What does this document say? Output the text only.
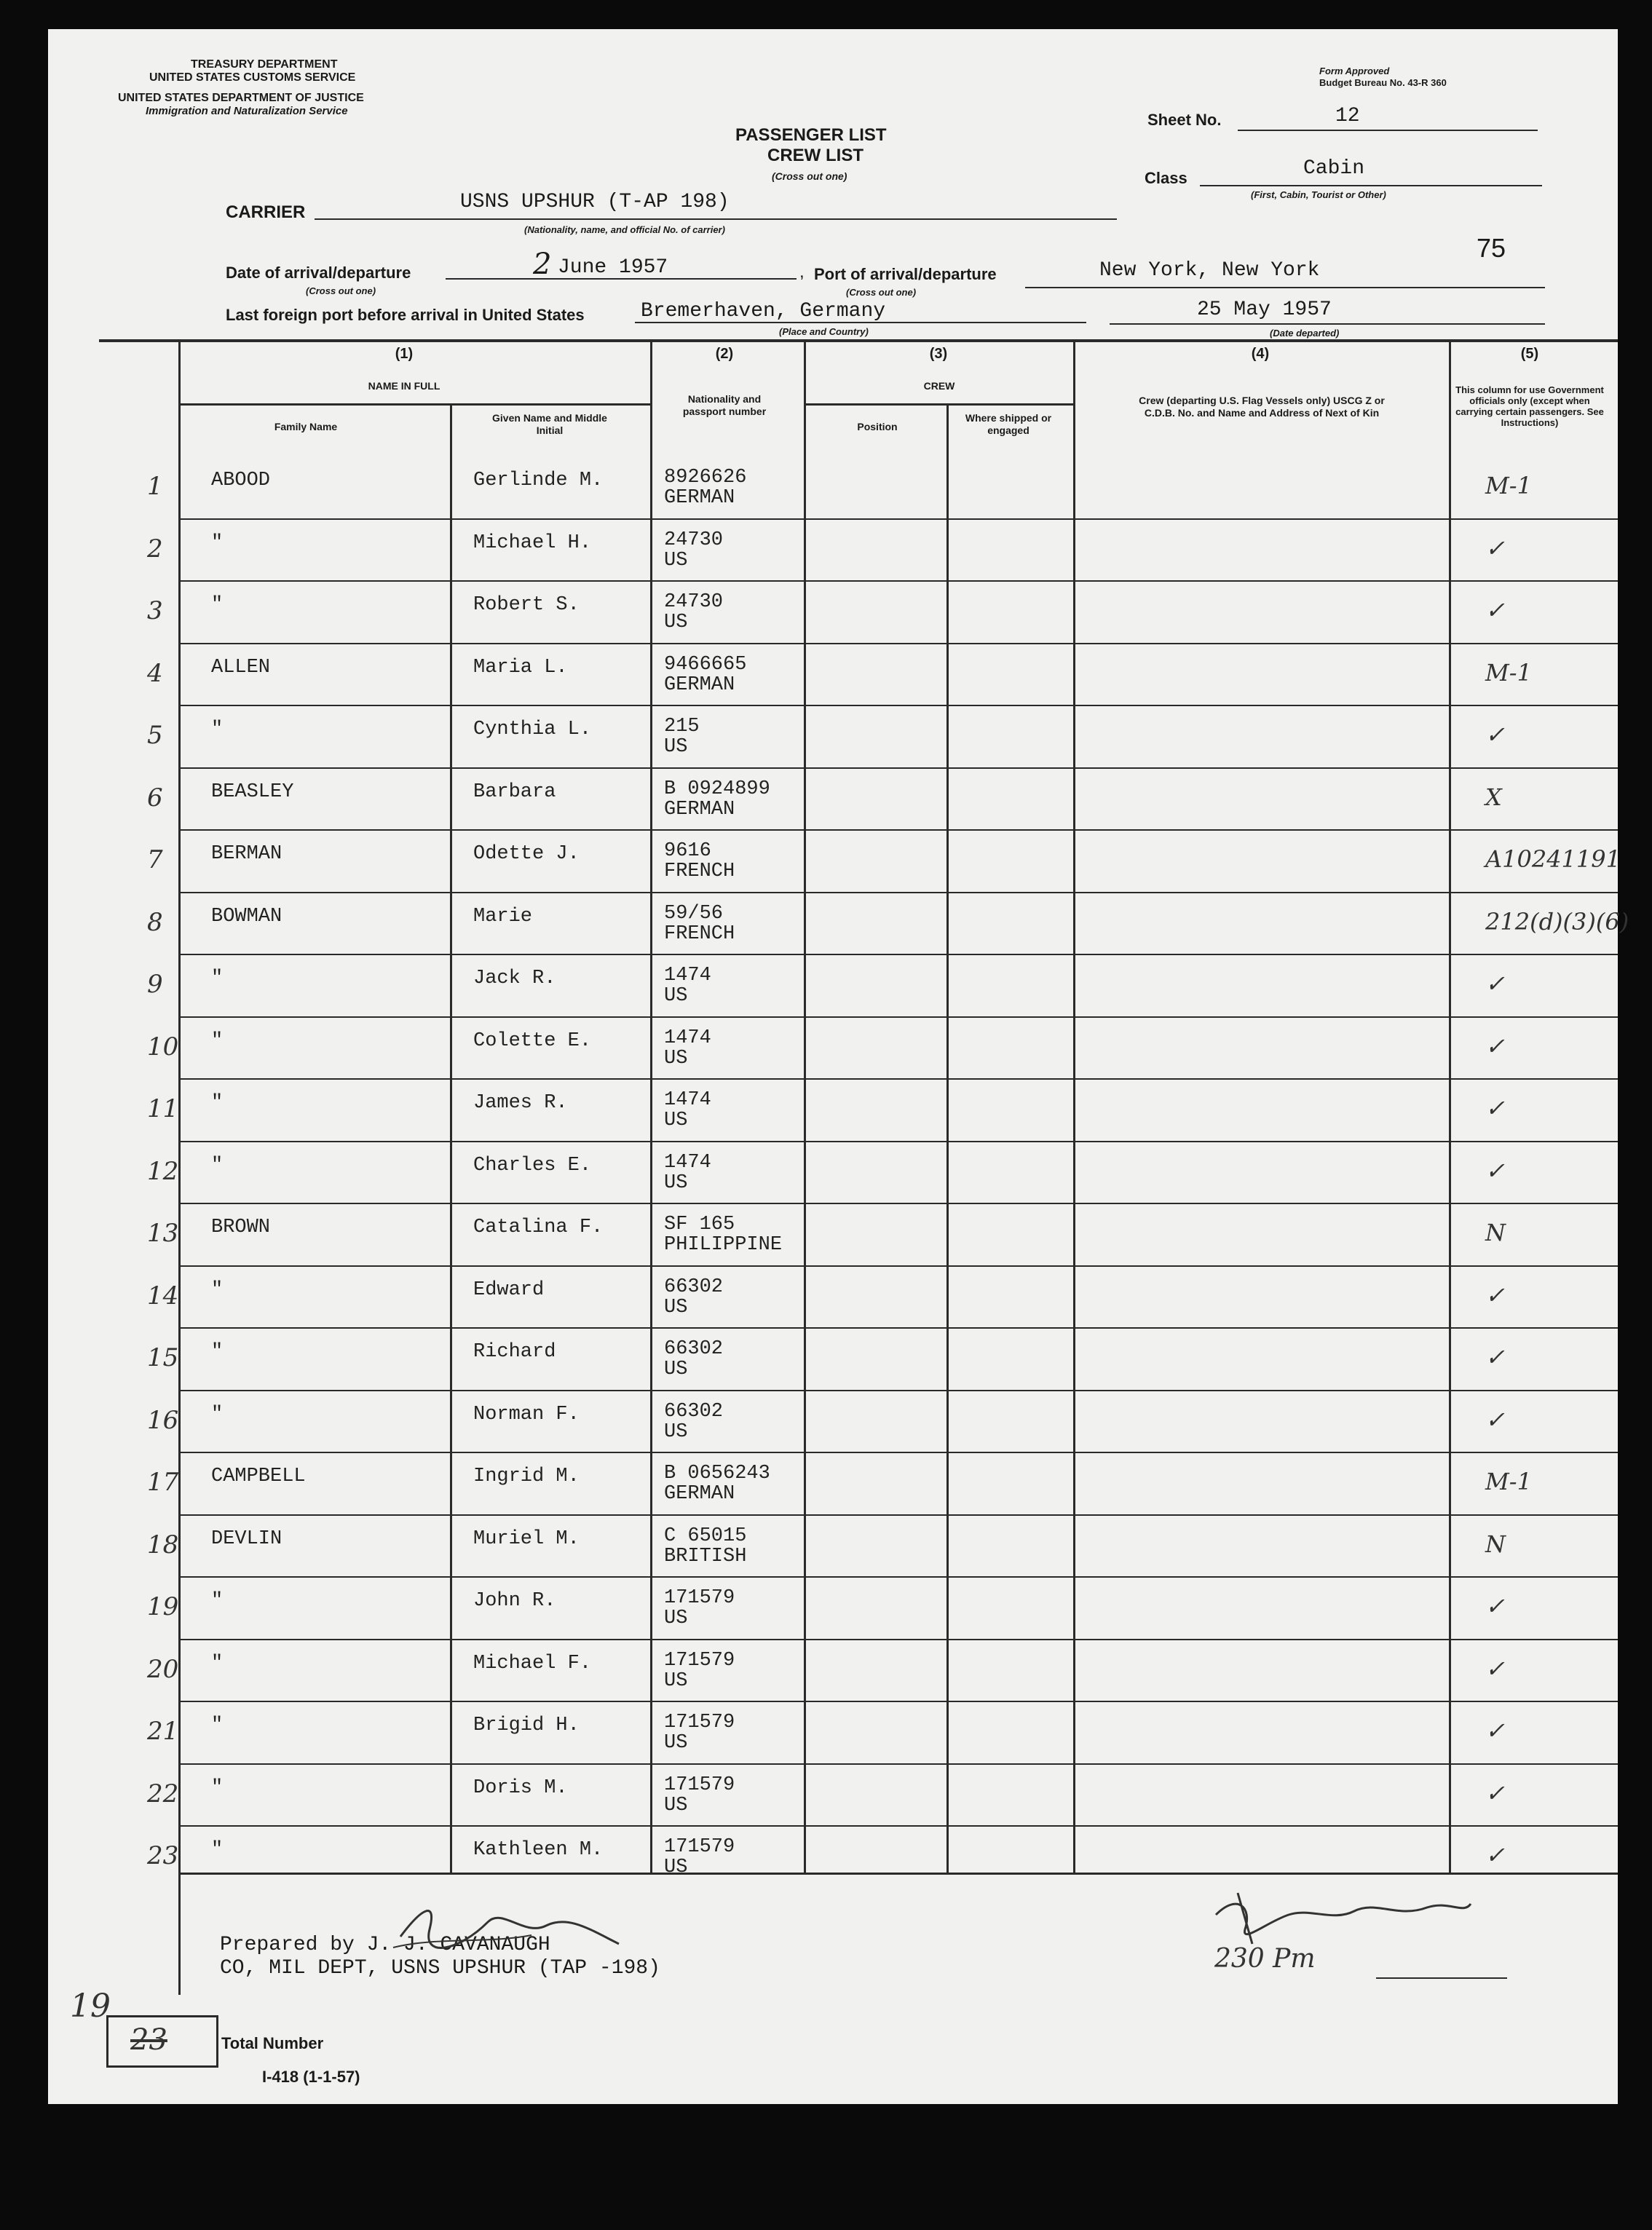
TREASURY DEPARTMENT
UNITED STATES CUSTOMS SERVICE
UNITED STATES DEPARTMENT OF JUSTICE
Immigration and Naturalization Service
Form Approved
Budget Bureau No. 43-R 360
PASSENGER LIST
CREW LIST
(Cross out one)
Sheet No.	12
Class	Cabin
(First, Cabin, Tourist or Other)
75
CARRIER	USNS UPSHUR (T-AP 198)
(Nationality, name, and official No. of carrier)
Date of arrival/departure
(Cross out one)
2 June 1957	, Port of arrival/departure
(Cross out one)
New York, New York
Last foreign port before arrival in United States	Bremerhaven, Germany
(Place and Country)
25 May 1957
(Date departed)
(1)
NAME IN FULL
Family Name
Given Name and Middle Initial
(2)
Nationality and passport number
(3)
CREW
Position
Where shipped or engaged
(4)
Crew (departing U.S. Flag Vessels only) USCG Z or C.D.B. No. and Name and Address of Next of Kin
(5)
This column for use Government officials only (except when carrying certain passengers. See Instructions)
1 ABOOD	Gerlinde M.	8926626
GERMAN	M-1
2 "	Michael H.	24730
US	✓
3 "	Robert S.	24730
US	✓
4 ALLEN	Maria L.	9466665
GERMAN	M-1
5 "	Cynthia L.	215
US	✓
6 BEASLEY	Barbara	B 0924899
GERMAN	X
7 BERMAN	Odette J.	9616
FRENCH	A10241191
8 BOWMAN	Marie	59/56
FRENCH	212(d)(3)(6)
9 "	Jack R.	1474
US	✓
10 "	Colette E.	1474
US	✓
11 "	James R.	1474
US	✓
12 "	Charles E.	1474
US	✓
13 BROWN	Catalina F.	SF 165
PHILIPPINE	N
14 "	Edward	66302
US	✓
15 "	Richard	66302
US	✓
16 "	Norman F.	66302
US	✓
17 CAMPBELL	Ingrid M.	B 0656243
GERMAN	M-1
18 DEVLIN	Muriel M.	C 65015
BRITISH	N
19 "	John R.	171579
US	✓
20 "	Michael F.	171579
US	✓
21 "	Brigid H.	171579
US	✓
22 "	Doris M.	171579
US	✓
23 "	Kathleen M.	171579
US	✓
Prepared by J. J. CAVANAUGH
CO, MIL DEPT, USNS UPSHUR (TAP -198)	230 Pm
19
23	Total Number
I-418 (1-1-57)
